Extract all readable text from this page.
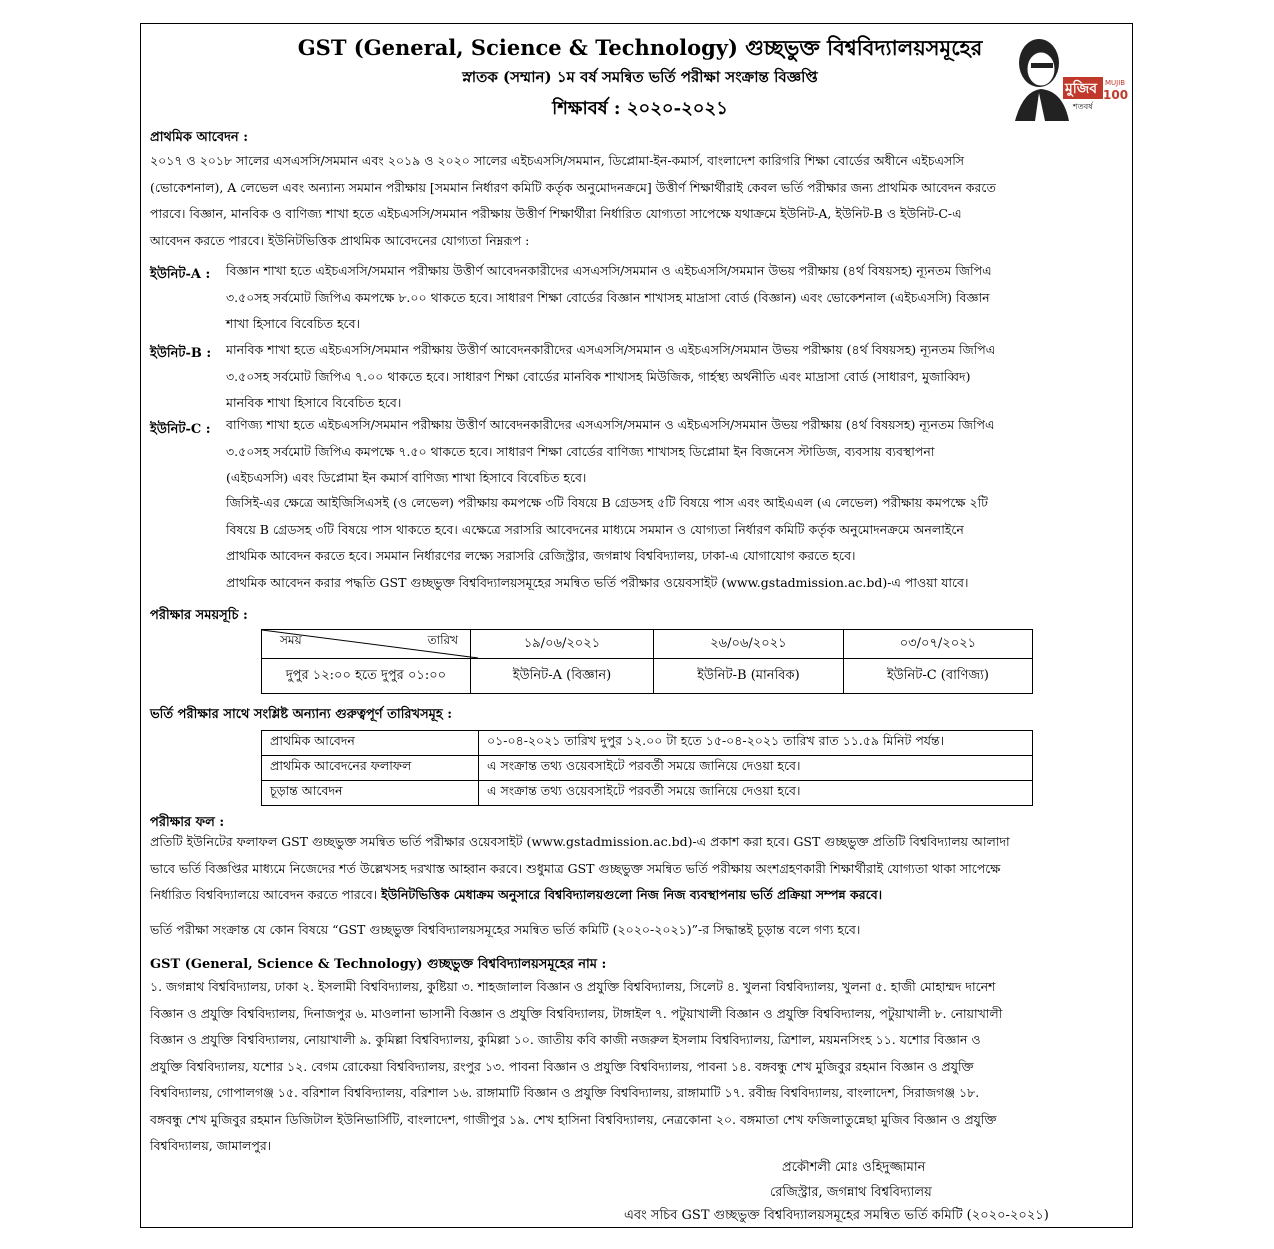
GST (General, Science & Technology) গুচ্ছভুক্ত বিশ্ববিদ্যালয়সমূহের
স্নাতক (সম্মান) ১ম বর্ষ সমন্বিত ভর্তি পরীক্ষা সংক্রান্ত বিজ্ঞপ্তি
শিক্ষাবর্ষ : ২০২০-২০২১
মুজিব MUJIB
100
শতবর্ষ
প্রাথমিক আবেদন :
২০১৭ ও ২০১৮ সালের এসএসসি/সমমান এবং ২০১৯ ও ২০২০ সালের এইচএসসি/সমমান, ডিপ্লোমা-ইন-কমার্স, বাংলাদেশ কারিগরি শিক্ষা বোর্ডের অধীনে এইচএসসি
(ভোকেশনাল), A লেভেল এবং অন্যান্য সমমান পরীক্ষায় [সমমান নির্ধারণ কমিটি কর্তৃক অনুমোদনক্রমে] উত্তীর্ণ শিক্ষার্থীরাই কেবল ভর্তি পরীক্ষার জন্য প্রাথমিক আবেদন করতে
পারবে। বিজ্ঞান, মানবিক ও বাণিজ্য শাখা হতে এইচএসসি/সমমান পরীক্ষায় উত্তীর্ণ শিক্ষার্থীরা নির্ধারিত যোগ্যতা সাপেক্ষে যথাক্রমে ইউনিট-A, ইউনিট-B ও ইউনিট-C-এ
আবেদন করতে পারবে। ইউনিটভিত্তিক প্রাথমিক আবেদনের যোগ্যতা নিম্নরূপ :
ইউনিট-A : বিজ্ঞান শাখা হতে এইচএসসি/সমমান পরীক্ষায় উত্তীর্ণ আবেদনকারীদের এসএসসি/সমমান ও এইচএসসি/সমমান উভয় পরীক্ষায় (৪র্থ বিষয়সহ) ন্যূনতম জিপিএ
৩.৫০সহ সর্বমোট জিপিএ কমপক্ষে ৮.০০ থাকতে হবে। সাধারণ শিক্ষা বোর্ডের বিজ্ঞান শাখাসহ মাদ্রাসা বোর্ড (বিজ্ঞান) এবং ভোকেশনাল (এইচএসসি) বিজ্ঞান
শাখা হিসাবে বিবেচিত হবে।
ইউনিট-B : মানবিক শাখা হতে এইচএসসি/সমমান পরীক্ষায় উত্তীর্ণ আবেদনকারীদের এসএসসি/সমমান ও এইচএসসি/সমমান উভয় পরীক্ষায় (৪র্থ বিষয়সহ) ন্যূনতম জিপিএ
৩.৫০সহ সর্বমোট জিপিএ ৭.০০ থাকতে হবে। সাধারণ শিক্ষা বোর্ডের মানবিক শাখাসহ মিউজিক, গার্হস্থ্য অর্থনীতি এবং মাদ্রাসা বোর্ড (সাধারণ, মুজাব্বিদ)
মানবিক শাখা হিসাবে বিবেচিত হবে।
ইউনিট-C : বাণিজ্য শাখা হতে এইচএসসি/সমমান পরীক্ষায় উত্তীর্ণ আবেদনকারীদের এসএসসি/সমমান ও এইচএসসি/সমমান উভয় পরীক্ষায় (৪র্থ বিষয়সহ) ন্যূনতম জিপিএ
৩.৫০সহ সর্বমোট জিপিএ কমপক্ষে ৭.৫০ থাকতে হবে। সাধারণ শিক্ষা বোর্ডের বাণিজ্য শাখাসহ ডিপ্লোমা ইন বিজনেস স্টাডিজ, ব্যবসায় ব্যবস্থাপনা
(এইচএসসি) এবং ডিপ্লোমা ইন কমার্স বাণিজ্য শাখা হিসাবে বিবেচিত হবে।
জিসিই-এর ক্ষেত্রে আইজিসিএসই (ও লেভেল) পরীক্ষায় কমপক্ষে ৩টি বিষয়ে B গ্রেডসহ ৫টি বিষয়ে পাস এবং আইএএল (এ লেভেল) পরীক্ষায় কমপক্ষে ২টি
বিষয়ে B গ্রেডসহ ৩টি বিষয়ে পাস থাকতে হবে। এক্ষেত্রে সরাসরি আবেদনের মাধ্যমে সমমান ও যোগ্যতা নির্ধারণ কমিটি কর্তৃক অনুমোদনক্রমে অনলাইনে
প্রাথমিক আবেদন করতে হবে। সমমান নির্ধারণের লক্ষ্যে সরাসরি রেজিস্ট্রার, জগন্নাথ বিশ্ববিদ্যালয়, ঢাকা-এ যোগাযোগ করতে হবে।
প্রাথমিক আবেদন করার পদ্ধতি GST গুচ্ছভুক্ত বিশ্ববিদ্যালয়সমূহের সমন্বিত ভর্তি পরীক্ষার ওয়েবসাইট (www.gstadmission.ac.bd)-এ পাওয়া যাবে।
পরীক্ষার সময়সূচি :
সময় তারিখ	১৯/০৬/২০২১	২৬/০৬/২০২১	০৩/০৭/২০২১
দুপুর ১২:০০ হতে দুপুর ০১:০০	ইউনিট-A (বিজ্ঞান)	ইউনিট-B (মানবিক)	ইউনিট-C (বাণিজ্য)
ভর্তি পরীক্ষার সাথে সংশ্লিষ্ট অন্যান্য গুরুত্বপূর্ণ তারিখসমূহ :
প্রাথমিক আবেদন	০১-০৪-২০২১ তারিখ দুপুর ১২.০০ টা হতে ১৫-০৪-২০২১ তারিখ রাত ১১.৫৯ মিনিট পর্যন্ত।
প্রাথমিক আবেদনের ফলাফল	এ সংক্রান্ত তথ্য ওয়েবসাইটে পরবর্তী সময়ে জানিয়ে দেওয়া হবে।
চূড়ান্ত আবেদন	এ সংক্রান্ত তথ্য ওয়েবসাইটে পরবর্তী সময়ে জানিয়ে দেওয়া হবে।
পরীক্ষার ফল :
প্রতিটি ইউনিটের ফলাফল GST গুচ্ছভুক্ত সমন্বিত ভর্তি পরীক্ষার ওয়েবসাইট (www.gstadmission.ac.bd)-এ প্রকাশ করা হবে। GST গুচ্ছভুক্ত প্রতিটি বিশ্ববিদ্যালয় আলাদা
ভাবে ভর্তি বিজ্ঞপ্তির মাধ্যমে নিজেদের শর্ত উল্লেখসহ দরখাস্ত আহ্বান করবে। শুধুমাত্র GST গুচ্ছভুক্ত সমন্বিত ভর্তি পরীক্ষায় অংশগ্রহণকারী শিক্ষার্থীরাই যোগ্যতা থাকা সাপেক্ষে
নির্ধারিত বিশ্ববিদ্যালয়ে আবেদন করতে পারবে। ইউনিটভিত্তিক মেধাক্রম অনুসারে বিশ্ববিদ্যালয়গুলো নিজ নিজ ব্যবস্থাপনায় ভর্তি প্রক্রিয়া সম্পন্ন করবে।
ভর্তি পরীক্ষা সংক্রান্ত যে কোন বিষয়ে “GST গুচ্ছভুক্ত বিশ্ববিদ্যালয়সমূহের সমন্বিত ভর্তি কমিটি (২০২০-২০২১)”-র সিদ্ধান্তই চূড়ান্ত বলে গণ্য হবে।
GST (General, Science & Technology) গুচ্ছভুক্ত বিশ্ববিদ্যালয়সমূহের নাম :
১. জগন্নাথ বিশ্ববিদ্যালয়, ঢাকা ২. ইসলামী বিশ্ববিদ্যালয়, কুষ্টিয়া ৩. শাহজালাল বিজ্ঞান ও প্রযুক্তি বিশ্ববিদ্যালয়, সিলেট ৪. খুলনা বিশ্ববিদ্যালয়, খুলনা ৫. হাজী মোহাম্মদ দানেশ
বিজ্ঞান ও প্রযুক্তি বিশ্ববিদ্যালয়, দিনাজপুর ৬. মাওলানা ভাসানী বিজ্ঞান ও প্রযুক্তি বিশ্ববিদ্যালয়, টাঙ্গাইল ৭. পটুয়াখালী বিজ্ঞান ও প্রযুক্তি বিশ্ববিদ্যালয়, পটুয়াখালী ৮. নোয়াখালী
বিজ্ঞান ও প্রযুক্তি বিশ্ববিদ্যালয়, নোয়াখালী ৯. কুমিল্লা বিশ্ববিদ্যালয়, কুমিল্লা ১০. জাতীয় কবি কাজী নজরুল ইসলাম বিশ্ববিদ্যালয়, ত্রিশাল, ময়মনসিংহ ১১. যশোর বিজ্ঞান ও
প্রযুক্তি বিশ্ববিদ্যালয়, যশোর ১২. বেগম রোকেয়া বিশ্ববিদ্যালয়, রংপুর ১৩. পাবনা বিজ্ঞান ও প্রযুক্তি বিশ্ববিদ্যালয়, পাবনা ১৪. বঙ্গবন্ধু শেখ মুজিবুর রহমান বিজ্ঞান ও প্রযুক্তি
বিশ্ববিদ্যালয়, গোপালগঞ্জ ১৫. বরিশাল বিশ্ববিদ্যালয়, বরিশাল ১৬. রাঙ্গামাটি বিজ্ঞান ও প্রযুক্তি বিশ্ববিদ্যালয়, রাঙ্গামাটি ১৭. রবীন্দ্র বিশ্ববিদ্যালয়, বাংলাদেশ, সিরাজগঞ্জ ১৮.
বঙ্গবন্ধু শেখ মুজিবুর রহমান ডিজিটাল ইউনিভার্সিটি, বাংলাদেশ, গাজীপুর ১৯. শেখ হাসিনা বিশ্ববিদ্যালয়, নেত্রকোনা ২০. বঙ্গমাতা শেখ ফজিলাতুন্নেছা মুজিব বিজ্ঞান ও প্রযুক্তি
বিশ্ববিদ্যালয়, জামালপুর।
প্রকৌশলী মোঃ ওহিদুজ্জামান
রেজিস্ট্রার, জগন্নাথ বিশ্ববিদ্যালয়
এবং সচিব GST গুচ্ছভুক্ত বিশ্ববিদ্যালয়সমূহের সমন্বিত ভর্তি কমিটি (২০২০-২০২১)
